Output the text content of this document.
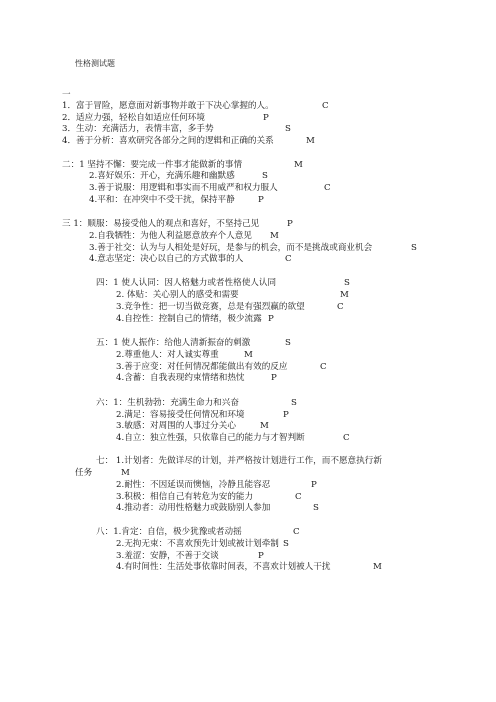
性格测试题
一
1．富于冒险，愿意面对新事物并敢于下决心掌握的人。	C
2．适应力强，轻松自如适应任何环境	P
3．生动：充满活力，表情丰富，多手势	S
4．善于分析：喜欢研究各部分之间的逻辑和正确的关系	M
二：1 坚持不懈：要完成一件事才能做新的事情	M
2.喜好娱乐：开心，充满乐趣和幽默感	S
3.善于说服：用逻辑和事实而不用威严和权力服人	C
4.平和：在冲突中不受干扰，保持平静	P
三 1：顺服：易接受他人的观点和喜好，不坚持己见	P
2.自我牺牲：为他人利益愿意放弃个人意见 M
3.善于社交：认为与人相处是好玩，是参与的机会，而不是挑战或商业机会	S
4.意志坚定：决心以自己的方式做事的人	C
四：1 使人认同：因人格魅力或者性格使人认同	S
2. 体贴：关心别人的感受和需要	M
3.竞争性：把一切当做竞赛，总是有强烈赢的欲望	C
4.自控性：控制自己的情绪，极少流露 P
五：1 使人振作：给他人清新振奋的刺激	S
2.尊重他人：对人诚实尊重	M
3.善于应变：对任何情况都能做出有效的反应	C
4.含蓄：自我表现约束情绪和热忱	P
六：1：生机勃勃：充满生命力和兴奋	S
2.满足：容易接受任何情况和环境	P
3.敏感：对周围的人事过分关心	M
4.自立：独立性强，只依靠自己的能力与才智判断	C
七： 1.计划者：先做详尽的计划，并严格按计划进行工作，而不愿意执行新
任务	M
2.耐性：不因延误而懊恼，冷静且能容忍	P
3.积极：相信自己有转危为安的能力	C
4.推动者：动用性格魅力或鼓励别人参加	S
八：1.肯定：自信，极少犹豫或者动摇	C
2.无拘无束：不喜欢预先计划或被计划牵制 S
3.羞涩：安静，不善于交谈	P
4.有时间性：生活处事依靠时间表，不喜欢计划被人干扰	M
